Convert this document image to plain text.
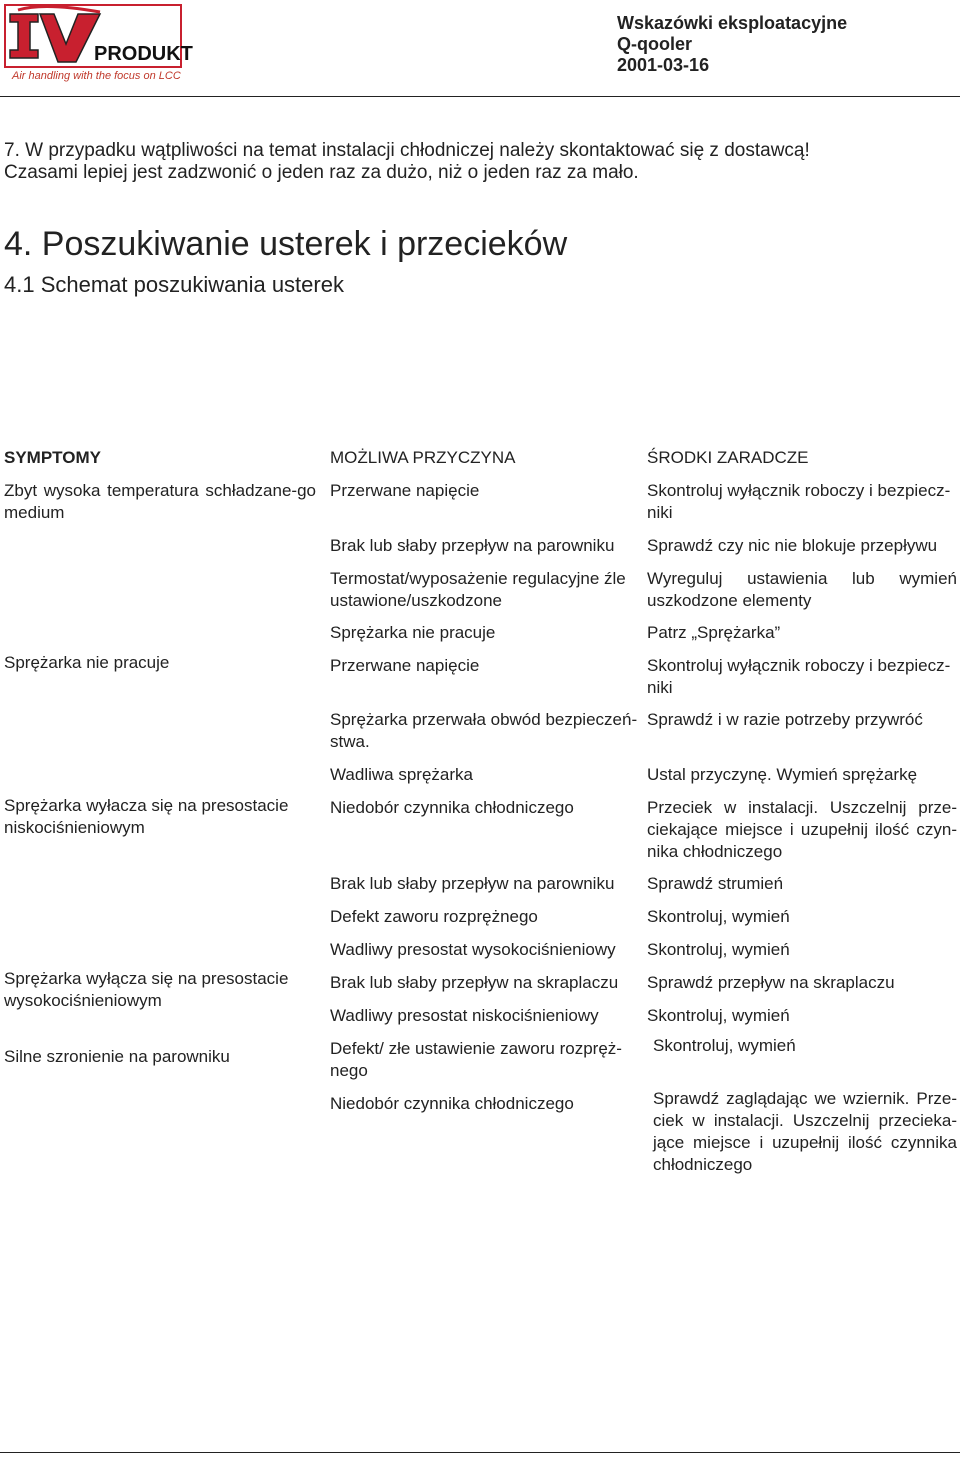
PRODUKT
Air handling with the focus on LCC
Wskazówki eksploatacyjne
Q-qooler
2001-03-16
7. W przypadku wątpliwości na temat instalacji chłodniczej należy skontaktować się z dostawcą!
Czasami lepiej jest zadzwonić o jeden raz za dużo, niż o jeden raz za mało.
4. Poszukiwanie usterek i przecieków
4.1 Schemat poszukiwania usterek
SYMPTOMY	MOŻLIWA PRZYCZYNA	ŚRODKI ZARADCZE
Zbyt wysoka temperatura schładzane-go medium
Sprężarka nie pracuje
Sprężarka wyłacza się na presostacie niskociśnieniowym
Sprężarka wyłącza się na presostacie wysokociśnieniowym
Silne szronienie na parowniku
Przerwane napięcie
Brak lub słaby przepływ na parowniku
Termostat/wyposażenie regulacyjne źle ustawione/uszkodzone
Sprężarka nie pracuje
Przerwane napięcie
Sprężarka przerwała obwód bezpieczeń-stwa.
Wadliwa sprężarka
Niedobór czynnika chłodniczego
Brak lub słaby przepływ na parowniku
Defekt zaworu rozprężnego
Wadliwy presostat wysokociśnieniowy
Brak lub słaby przepływ na skraplaczu
Wadliwy presostat niskociśnieniowy
Defekt/ złe ustawienie zaworu rozpręż-nego
Niedobór czynnika chłodniczego
Skontroluj wyłącznik roboczy i bezpiecz-niki
Sprawdź czy nic nie blokuje przepływu
Wyreguluj ustawienia lub wymień uszkodzone elementy
Patrz „Sprężarka”
Skontroluj wyłącznik roboczy i bezpiecz-niki
Sprawdź i w razie potrzeby przywróć
Ustal przyczynę. Wymień sprężarkę
Przeciek w instalacji. Uszczelnij prze-ciekające miejsce i uzupełnij ilość czyn-nika chłodniczego
Sprawdź strumień
Skontroluj, wymień
Skontroluj, wymień
Sprawdź przepływ na skraplaczu
Skontroluj, wymień
Skontroluj, wymień
Sprawdź zaglądając we wziernik. Prze-ciek w instalacji. Uszczelnij przecieka-jące miejsce i uzupełnij ilość czynnika chłodniczego
